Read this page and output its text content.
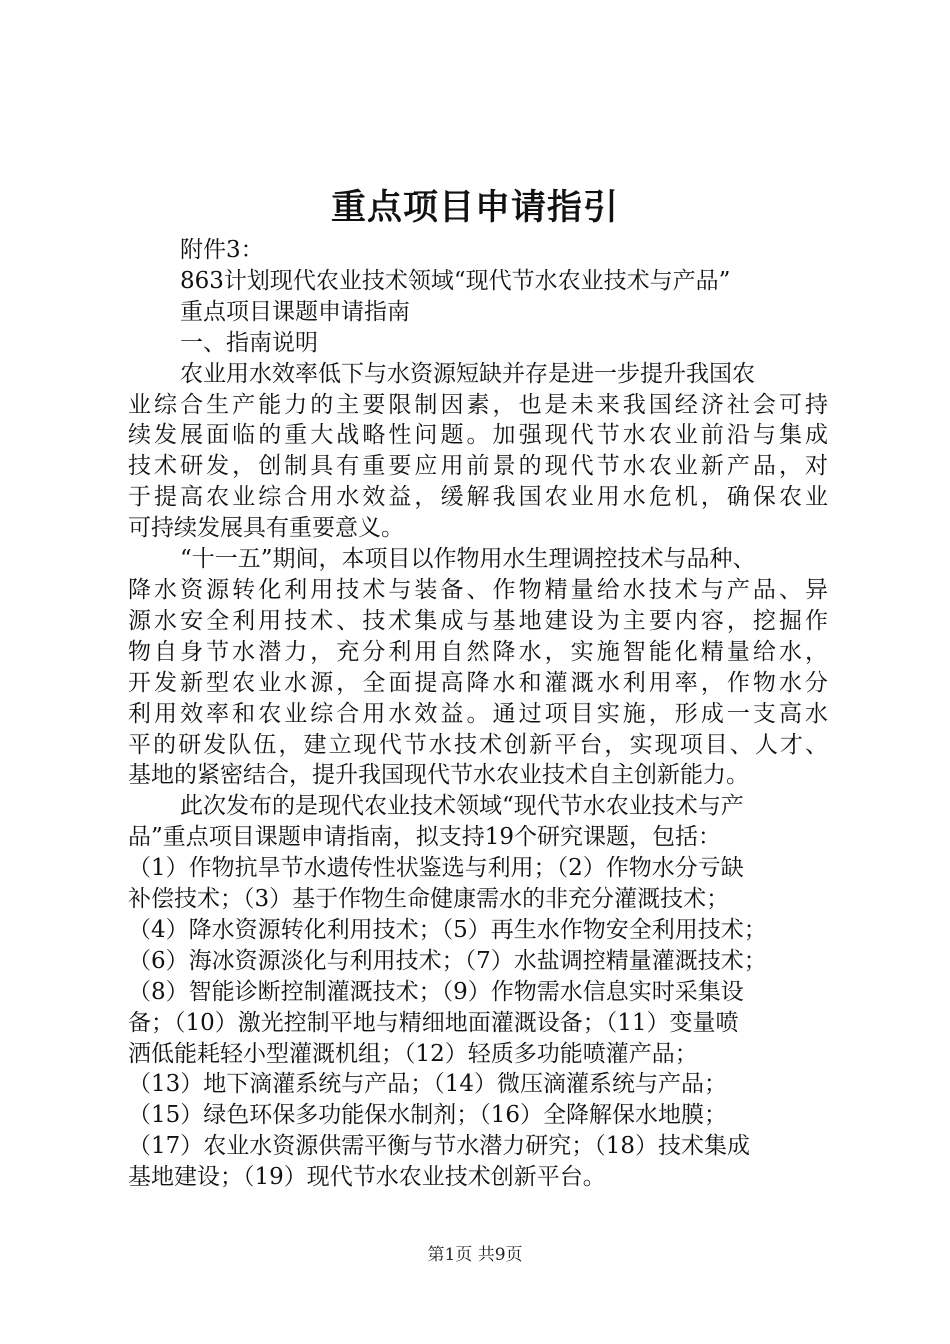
重点项目申请指引
附件3：
863计划现代农业技术领域“现代节水农业技术与产品”
重点项目课题申请指南
一、指南说明
农业用水效率低下与水资源短缺并存是进一步提升我国农
业综合生产能力的主要限制因素，也是未来我国经济社会可持
续发展面临的重大战略性问题。加强现代节水农业前沿与集成
技术研发，创制具有重要应用前景的现代节水农业新产品，对
于提高农业综合用水效益，缓解我国农业用水危机，确保农业
可持续发展具有重要意义。
“十一五”期间，本项目以作物用水生理调控技术与品种、
降水资源转化利用技术与装备、作物精量给水技术与产品、异
源水安全利用技术、技术集成与基地建设为主要内容，挖掘作
物自身节水潜力，充分利用自然降水，实施智能化精量给水，
开发新型农业水源，全面提高降水和灌溉水利用率，作物水分
利用效率和农业综合用水效益。通过项目实施，形成一支高水
平的研发队伍，建立现代节水技术创新平台，实现项目、人才、
基地的紧密结合，提升我国现代节水农业技术自主创新能力。
此次发布的是现代农业技术领域“现代节水农业技术与产
品”重点项目课题申请指南，拟支持19个研究课题，包括：
（1）作物抗旱节水遗传性状鉴选与利用；（2）作物水分亏缺
补偿技术；（3）基于作物生命健康需水的非充分灌溉技术；
（4）降水资源转化利用技术；（5）再生水作物安全利用技术；
（6）海冰资源淡化与利用技术；（7）水盐调控精量灌溉技术；
（8）智能诊断控制灌溉技术；（9）作物需水信息实时采集设
备；（10）激光控制平地与精细地面灌溉设备；（11）变量喷
洒低能耗轻小型灌溉机组；（12）轻质多功能喷灌产品；
（13）地下滴灌系统与产品；（14）微压滴灌系统与产品；
（15）绿色环保多功能保水制剂；（16）全降解保水地膜；
（17）农业水资源供需平衡与节水潜力研究；（18）技术集成
基地建设；（19）现代节水农业技术创新平台。
第1页 共9页
